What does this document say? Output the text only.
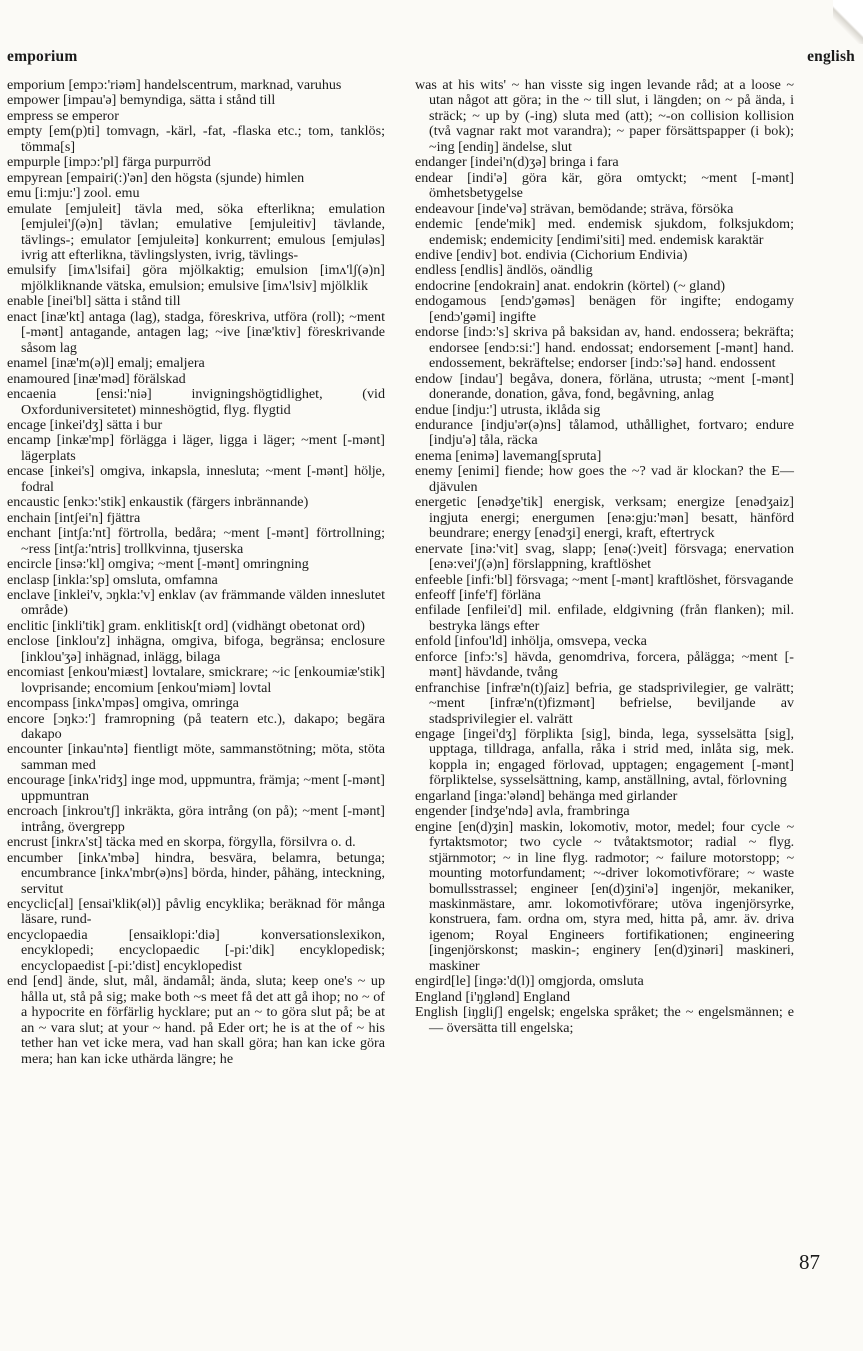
emporium	english

emporium [empɔ:'riəm] handelscentrum, marknad, varuhus

empower [impau'ə] bemyndiga, sätta i stånd till

empress se emperor

empty [em(p)ti] tomvagn, -kärl, -fat, -flaska etc.; tom, tanklös; tömma[s]

empurple [impɔ:'pl] färga purpurröd

empyrean [empairi(:)'ən] den högsta (sjunde) himlen

emu [i:mju:'] zool. emu

emulate [emjuleit] tävla med, söka efterlikna; emulation [emjulei'ʃ(ə)n] tävlan; emulative [emjuleitiv] tävlande, tävlings-; emulator [emjuleitə] konkurrent; emulous [emjuləs] ivrig att efterlikna, tävlingslysten, ivrig, tävlings-

emulsify [imʌ'lsifai] göra mjölkaktig; emulsion [imʌ'lʃ(ə)n] mjölkliknande vätska, emulsion; emulsive [imʌ'lsiv] mjölklik

enable [inei'bl] sätta i stånd till

enact [inæ'kt] antaga (lag), stadga, föreskriva, utföra (roll); ~ment [-mənt] antagande, antagen lag; ~ive [inæ'ktiv] föreskrivande såsom lag

enamel [inæ'm(ə)l] emalj; emaljera

enamoured [inæ'məd] förälskad

encaenia [ensi:'niə] invigningshögtidlighet, (vid Oxforduniversitetet) minneshögtid, flyg. flygtid

encage [inkei'dʒ] sätta i bur

encamp [inkæ'mp] förlägga i läger, ligga i läger; ~ment [-mənt] lägerplats

encase [inkei's] omgiva, inkapsla, innesluta; ~ment [-mənt] hölje, fodral

encaustic [enkɔ:'stik] enkaustik (färgers inbrännande)

enchain [intʃei'n] fjättra

enchant [intʃa:'nt] förtrolla, bedåra; ~ment [-mənt] förtrollning; ~ress [intʃa:'ntris] trollkvinna, tjuserska

encircle [insə:'kl] omgiva; ~ment [-mənt] omringning

enclasp [inkla:'sp] omsluta, omfamna

enclave [inklei'v, ɔŋkla:'v] enklav (av främmande välden inneslutet område)

enclitic [inkli'tik] gram. enklitisk[t ord] (vidhängt obetonat ord)

enclose [inklou'z] inhägna, omgiva, bifoga, begränsa; enclosure [inklou'ʒə] inhägnad, inlägg, bilaga

encomiast [enkou'miæst] lovtalare, smickrare; ~ic [enkoumiæ'stik] lovprisande; encomium [enkou'miəm] lovtal

encompass [inkʌ'mpəs] omgiva, omringa

encore [ɔŋkɔ:'] framropning (på teatern etc.), dakapo; begära dakapo

encounter [inkau'ntə] fientligt möte, sammanstötning; möta, stöta samman med

encourage [inkʌ'ridʒ] inge mod, uppmuntra, främja; ~ment [-mənt] uppmuntran

encroach [inkrou'tʃ] inkräkta, göra intrång (on på); ~ment [-mənt] intrång, övergrepp

encrust [inkrʌ'st] täcka med en skorpa, förgylla, försilvra o. d.

encumber [inkʌ'mbə] hindra, besvära, belamra, betunga; encumbrance [inkʌ'mbr(ə)ns] börda, hinder, påhäng, inteckning, servitut

encyclic[al] [ensai'klik(əl)] påvlig encyklika; beräknad för många läsare, rund-

encyclopaedia [ensaiklopi:'diə] konversationslexikon, encyklopedi; encyclopaedic [-pi:'dik] encyklopedisk; encyclopaedist [-pi:'dist] encyklopedist

end [end] ände, slut, mål, ändamål; ända, sluta; keep one's ~ up hålla ut, stå på sig; make both ~s meet få det att gå ihop; no ~ of a hypocrite en förfärlig hycklare; put an ~ to göra slut på; be at an ~ vara slut; at your ~ hand. på Eder ort; he is at the of ~ his tether han vet icke mera, vad han skall göra; han kan icke göra mera; han kan icke uthärda längre; he

was at his wits' ~ han visste sig ingen levande råd; at a loose ~ utan något att göra; in the ~ till slut, i längden; on ~ på ända, i sträck; ~ up by (-ing) sluta med (att); ~-on collision kollision (två vagnar rakt mot varandra); ~ paper försättspapper (i bok); ~ing [endiŋ] ändelse, slut

endanger [indei'n(d)ʒə] bringa i fara

endear [indi'ə] göra kär, göra omtyckt; ~ment [-mənt] ömhetsbetygelse

endeavour [inde'və] strävan, bemödande; sträva, försöka

endemic [ende'mik] med. endemisk sjukdom, folksjukdom; endemisk; endemicity [endimi'siti] med. endemisk karaktär

endive [endiv] bot. endivia (Cichorium Endivia)

endless [endlis] ändlös, oändlig

endocrine [endokrain] anat. endokrin (körtel) (~ gland)

endogamous [endɔ'gəməs] benägen för ingifte; endogamy [endɔ'gəmi] ingifte

endorse [indɔ:'s] skriva på baksidan av, hand. endossera; bekräfta; endorsee [endɔ:si:'] hand. endossat; endorsement [-mənt] hand. endossement, bekräftelse; endorser [indɔ:'sə] hand. endossent

endow [indau'] begåva, donera, förläna, utrusta; ~ment [-mənt] donerande, donation, gåva, fond, begåvning, anlag

endue [indju:'] utrusta, iklåda sig

endurance [indju'ər(ə)ns] tålamod, uthållighet, fortvaro; endure [indju'ə] tåla, räcka

enema [enimə] lavemang[spruta]

enemy [enimi] fiende; how goes the ~? vad är klockan? the E— djävulen

energetic [enədʒe'tik] energisk, verksam; energize [enədʒaiz] ingjuta energi; energumen [enə:gju:'mən] besatt, hänförd beundrare; energy [enədʒi] energi, kraft, eftertryck

enervate [inə:'vit] svag, slapp; [enə(:)veit] försvaga; enervation [enə:vei'ʃ(ə)n] förslappning, kraftlöshet

enfeeble [infi:'bl] försvaga; ~ment [-mənt] kraftlöshet, försvagande

enfeoff [infe'f] förläna

enfilade [enfilei'd] mil. enfilade, eldgivning (från flanken); mil. bestryka längs efter

enfold [infou'ld] inhölja, omsvepa, vecka

enforce [infɔ:'s] hävda, genomdriva, forcera, pålägga; ~ment [-mənt] hävdande, tvång

enfranchise [infræ'n(t)ʃaiz] befria, ge stadsprivilegier, ge valrätt; ~ment [infræ'n(t)fizmənt] befrielse, beviljande av stadsprivilegier el. valrätt

engage [ingei'dʒ] förplikta [sig], binda, lega, sysselsätta [sig], upptaga, tilldraga, anfalla, råka i strid med, inlåta sig, mek. koppla in; engaged förlovad, upptagen; engagement [-mənt] förpliktelse, sysselsättning, kamp, anställning, avtal, förlovning

engarland [inga:'ələnd] behänga med girlander

engender [indʒe'ndə] avla, frambringa

engine [en(d)ʒin] maskin, lokomotiv, motor, medel; four cycle ~ fyrtaktsmotor; two cycle ~ tvåtaktsmotor; radial ~ flyg. stjärnmotor; ~ in line flyg. radmotor; ~ failure motorstopp; ~ mounting motorfundament; ~-driver lokomotivförare; ~ waste bomullsstrassel; engineer [en(d)ʒini'ə] ingenjör, mekaniker, maskinmästare, amr. lokomotivförare; utöva ingenjörsyrke, konstruera, fam. ordna om, styra med, hitta på, amr. äv. driva igenom; Royal Engineers fortifikationen; engineering [ingenjörskonst; maskin-; enginery [en(d)ʒinəri] maskineri, maskiner

engird[le] [ingə:'d(l)] omgjorda, omsluta

England [i'ŋglənd] England

English [iŋgliʃ] engelsk; engelska språket; the ~ engelsmännen; e— översätta till engelska;

87
